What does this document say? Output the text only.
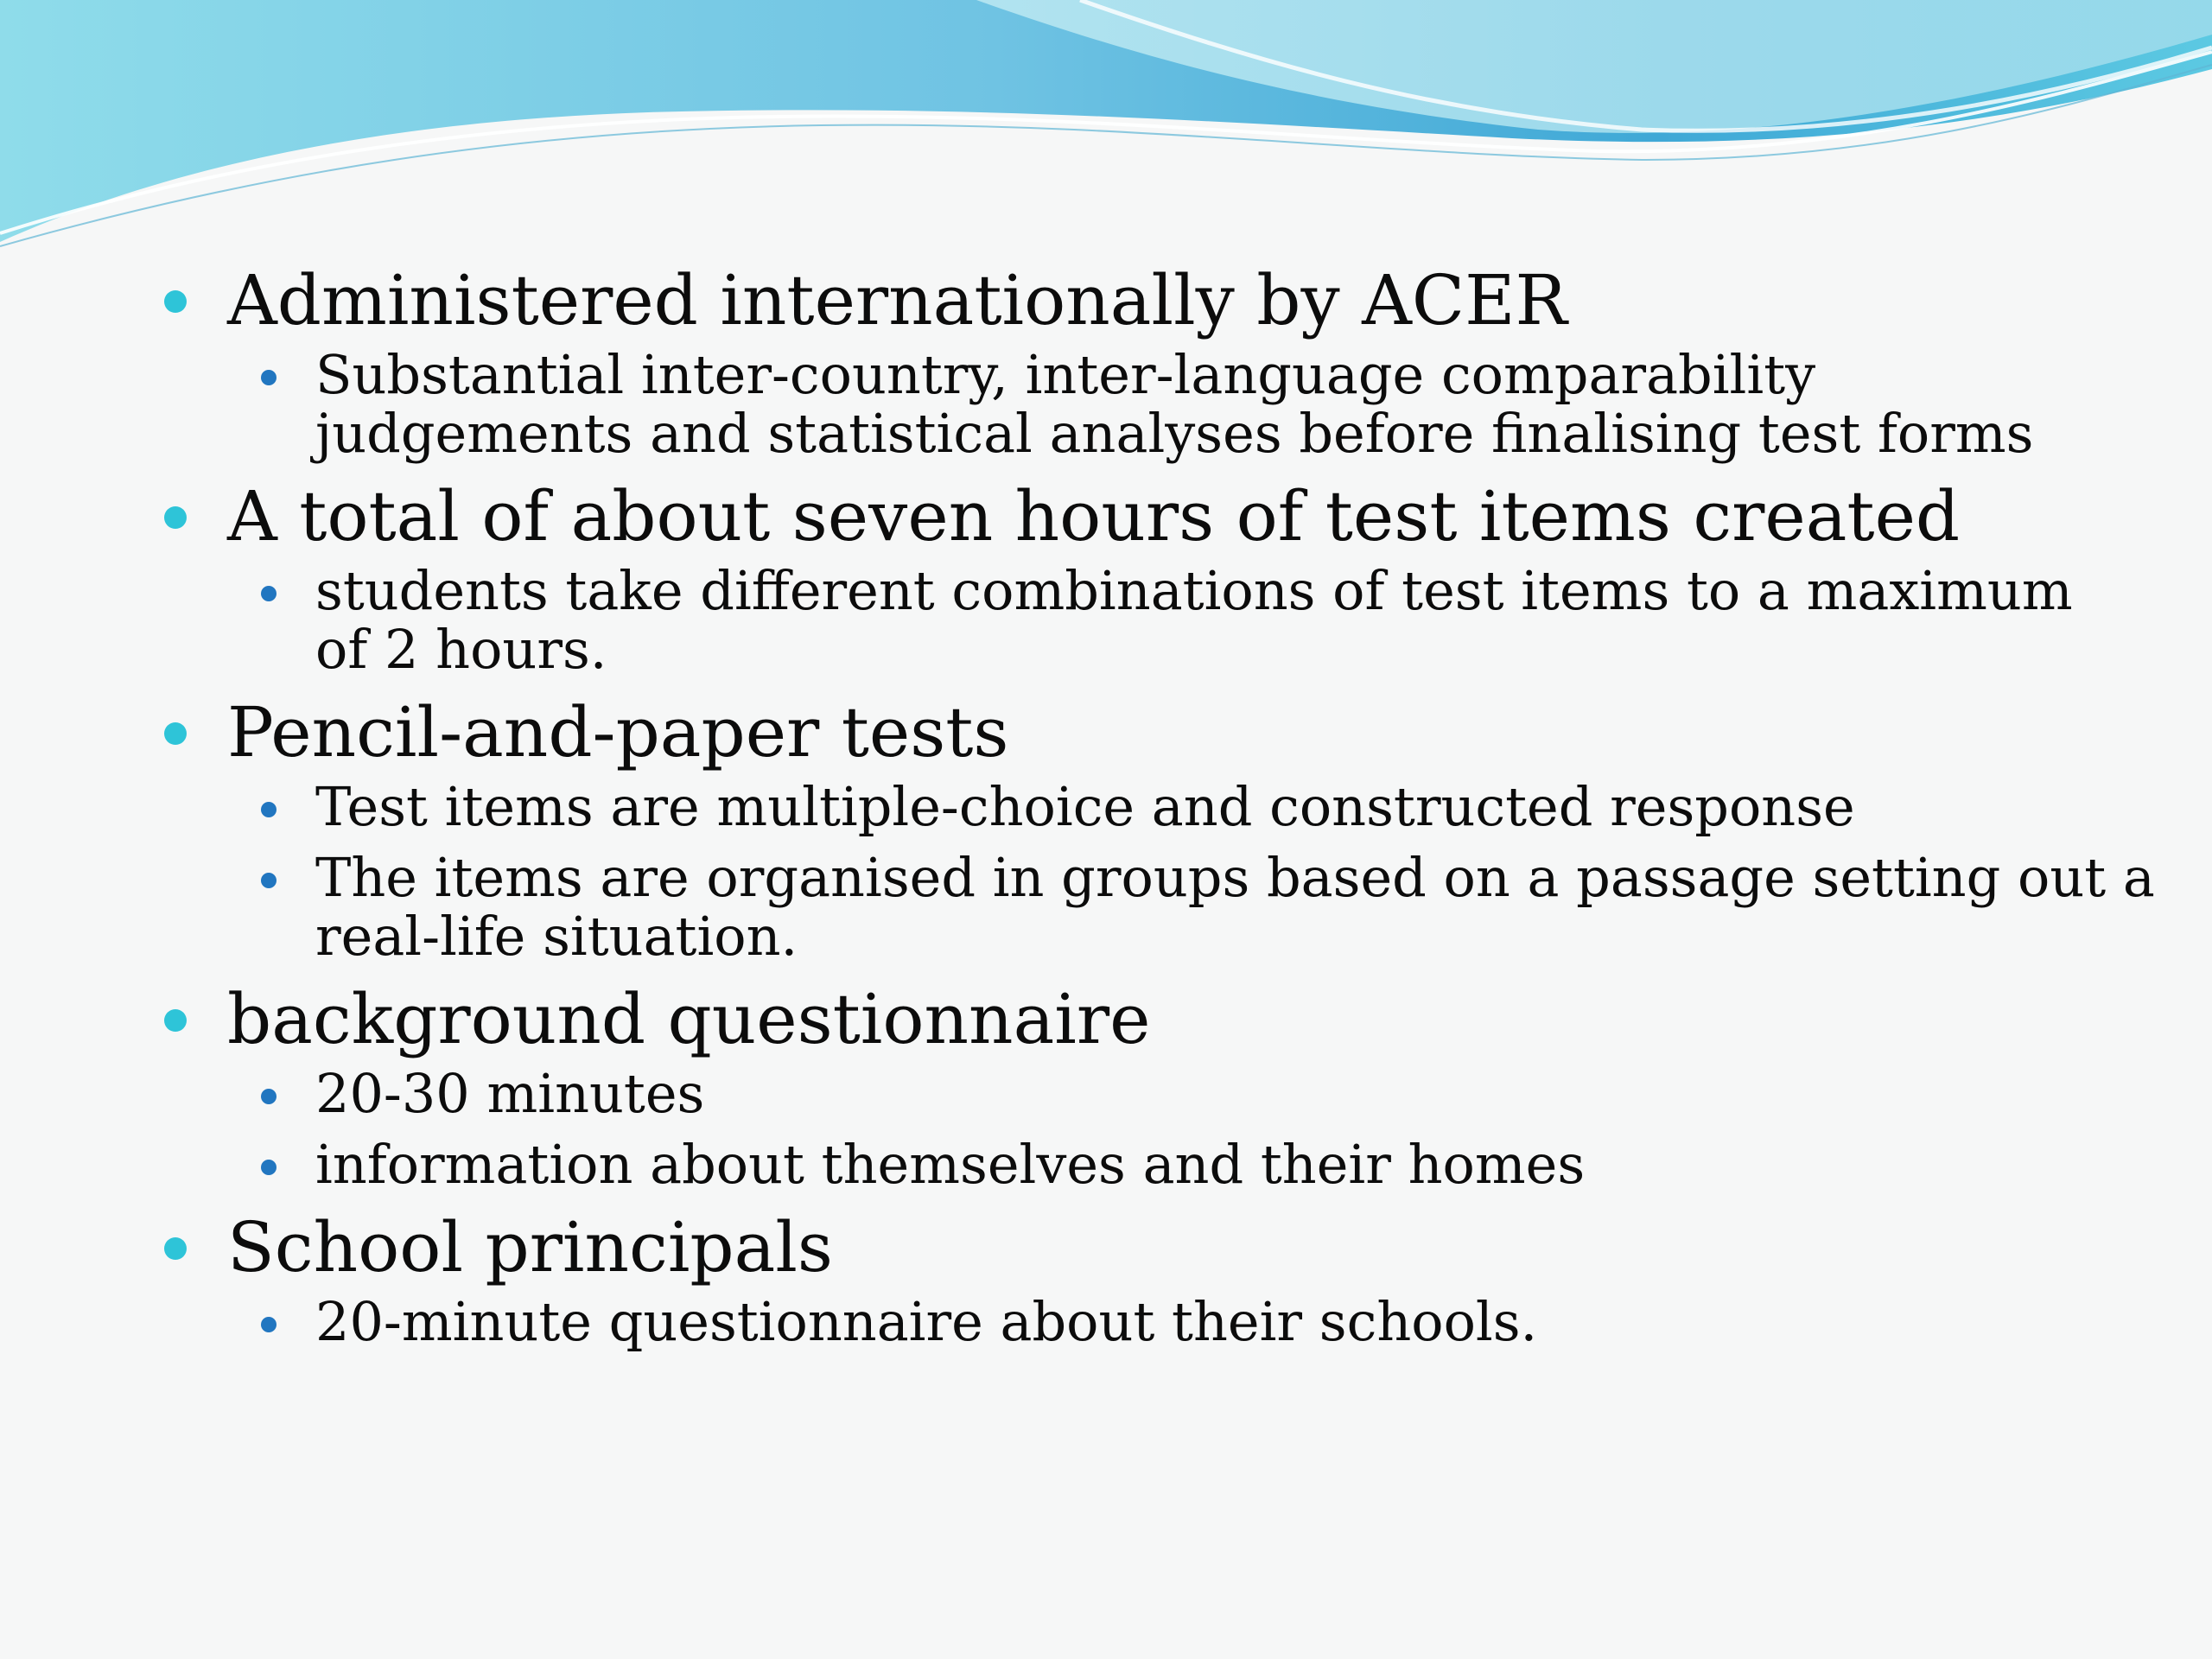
Administered internationally by ACER
Substantial inter-country, inter-language comparability
judgements and statistical analyses before finalising test forms
A total of about seven hours of test items created
students take different combinations of test items to a maximum
of 2 hours.
Pencil-and-paper tests
Test items are multiple-choice and constructed response
The items are organised in groups based on a passage setting out a
real-life situation.
background questionnaire
20-30 minutes
information about themselves and their homes
School principals
20-minute questionnaire about their schools.
